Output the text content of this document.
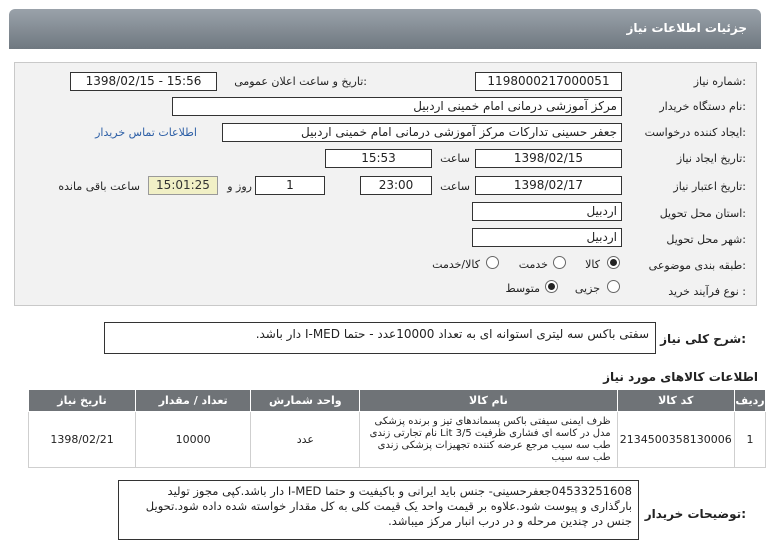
جزئیات اطلاعات نیاز
شماره نیاز:
1198000217000051
تاریخ و ساعت اعلان عمومی:
1398/02/15 - 15:56
نام دستگاه خریدار:
مرکز آموزشی درمانی امام خمینی اردبیل
ایجاد کننده درخواست:
جعفر حسینی تدارکات مرکز آموزشی درمانی امام خمینی اردبیل
اطلاعات تماس خریدار
تاریخ ایجاد نیاز:
1398/02/15
ساعت
15:53
تاریخ اعتبار نیاز:
1398/02/17
ساعت
23:00
1
روز و
15:01:25
ساعت باقی مانده
استان محل تحویل:
اردبیل
شهر محل تحویل:
اردبیل
طبقه بندی موضوعی:
کالا
خدمت
کالا/خدمت
نوع فرآیند خرید :
جزیی
متوسط
شرح کلی نیاز:
سفتی باکس سه لیتری استوانه ای به تعداد 10000عدد - حتما I-MED دار باشد.
اطلاعات کالاهای مورد نیاز
ردیف	کد کالا	نام کالا	واحد شمارش	تعداد / مقدار	تاریخ نیاز
1	2134500358130006	ظرف ایمنی سیفتی باکس پسماندهای تیز و برنده پزشکی مدل در کاسه ای فشاری ظرفیت 3/5 Lit نام تجارتی زندی طب سه سیب مرجع عرضه کننده تجهیزات پزشکی زندی طب سه سیب	عدد	10000	1398/02/21
توضیحات خریدار:
04533251608جعفرحسینی- جنس باید ایرانی و باکیفیت و حتما I-MED دار باشد.کپی مجوز تولید بارگذاری و پیوست شود.علاوه بر قیمت واحد یک قیمت کلی به کل مقدار خواسته شده داده شود.تحویل جنس در چندین مرحله و در درب انبار مرکز میباشد.
